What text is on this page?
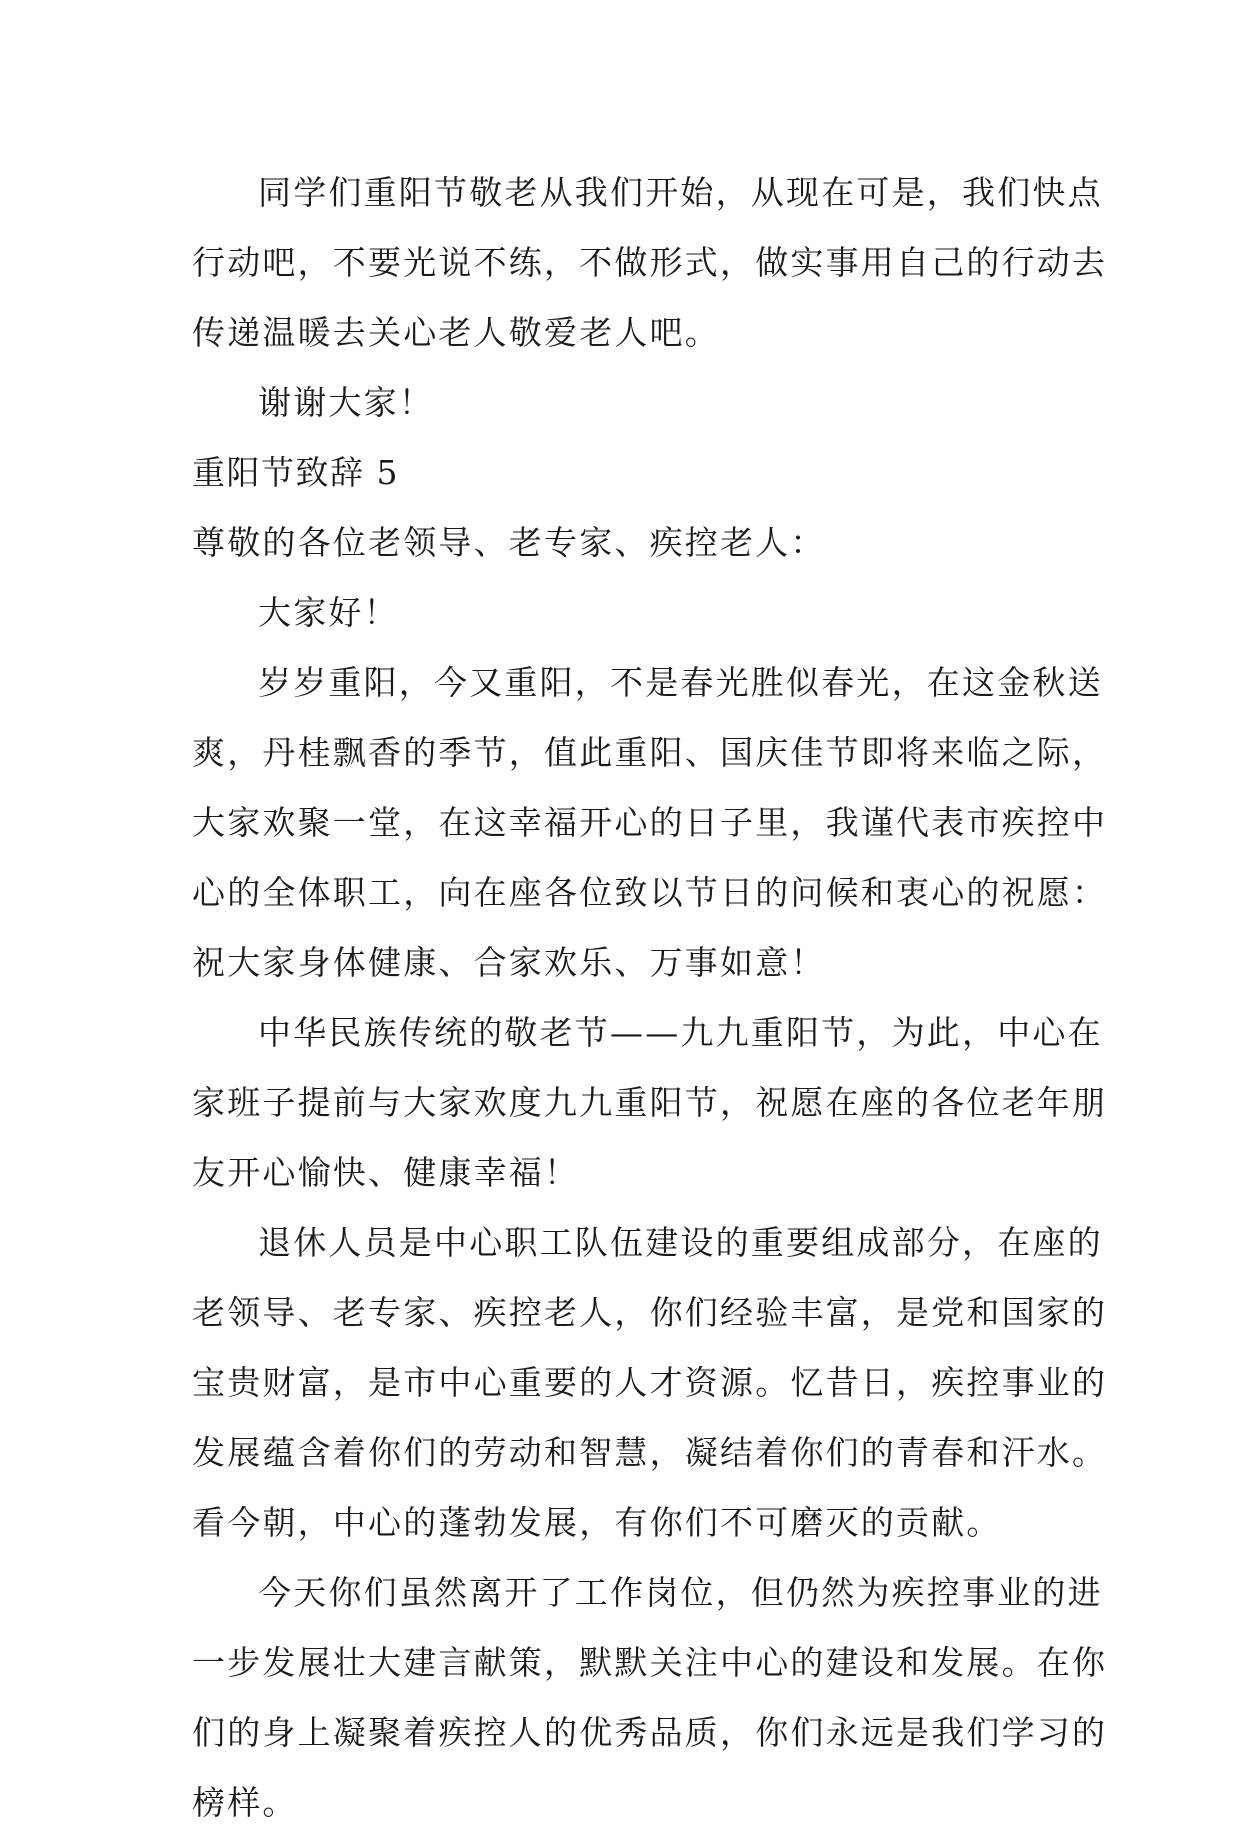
同学们重阳节敬老从我们开始，从现在可是，我们快点
行动吧，不要光说不练，不做形式，做实事用自己的行动去
传递温暖去关心老人敬爱老人吧。
谢谢大家！
重阳节致辞 5
尊敬的各位老领导、老专家、疾控老人：
大家好！
岁岁重阳，今又重阳，不是春光胜似春光，在这金秋送
爽，丹桂飘香的季节，值此重阳、国庆佳节即将来临之际，
大家欢聚一堂，在这幸福开心的日子里，我谨代表市疾控中
心的全体职工，向在座各位致以节日的问候和衷心的祝愿：
祝大家身体健康、合家欢乐、万事如意！
中华民族传统的敬老节——九九重阳节，为此，中心在
家班子提前与大家欢度九九重阳节，祝愿在座的各位老年朋
友开心愉快、健康幸福！
退休人员是中心职工队伍建设的重要组成部分，在座的
老领导、老专家、疾控老人，你们经验丰富，是党和国家的
宝贵财富，是市中心重要的人才资源。忆昔日，疾控事业的
发展蕴含着你们的劳动和智慧，凝结着你们的青春和汗水。
看今朝，中心的蓬勃发展，有你们不可磨灭的贡献。
今天你们虽然离开了工作岗位，但仍然为疾控事业的进
一步发展壮大建言献策，默默关注中心的建设和发展。在你
们的身上凝聚着疾控人的优秀品质，你们永远是我们学习的
榜样。
